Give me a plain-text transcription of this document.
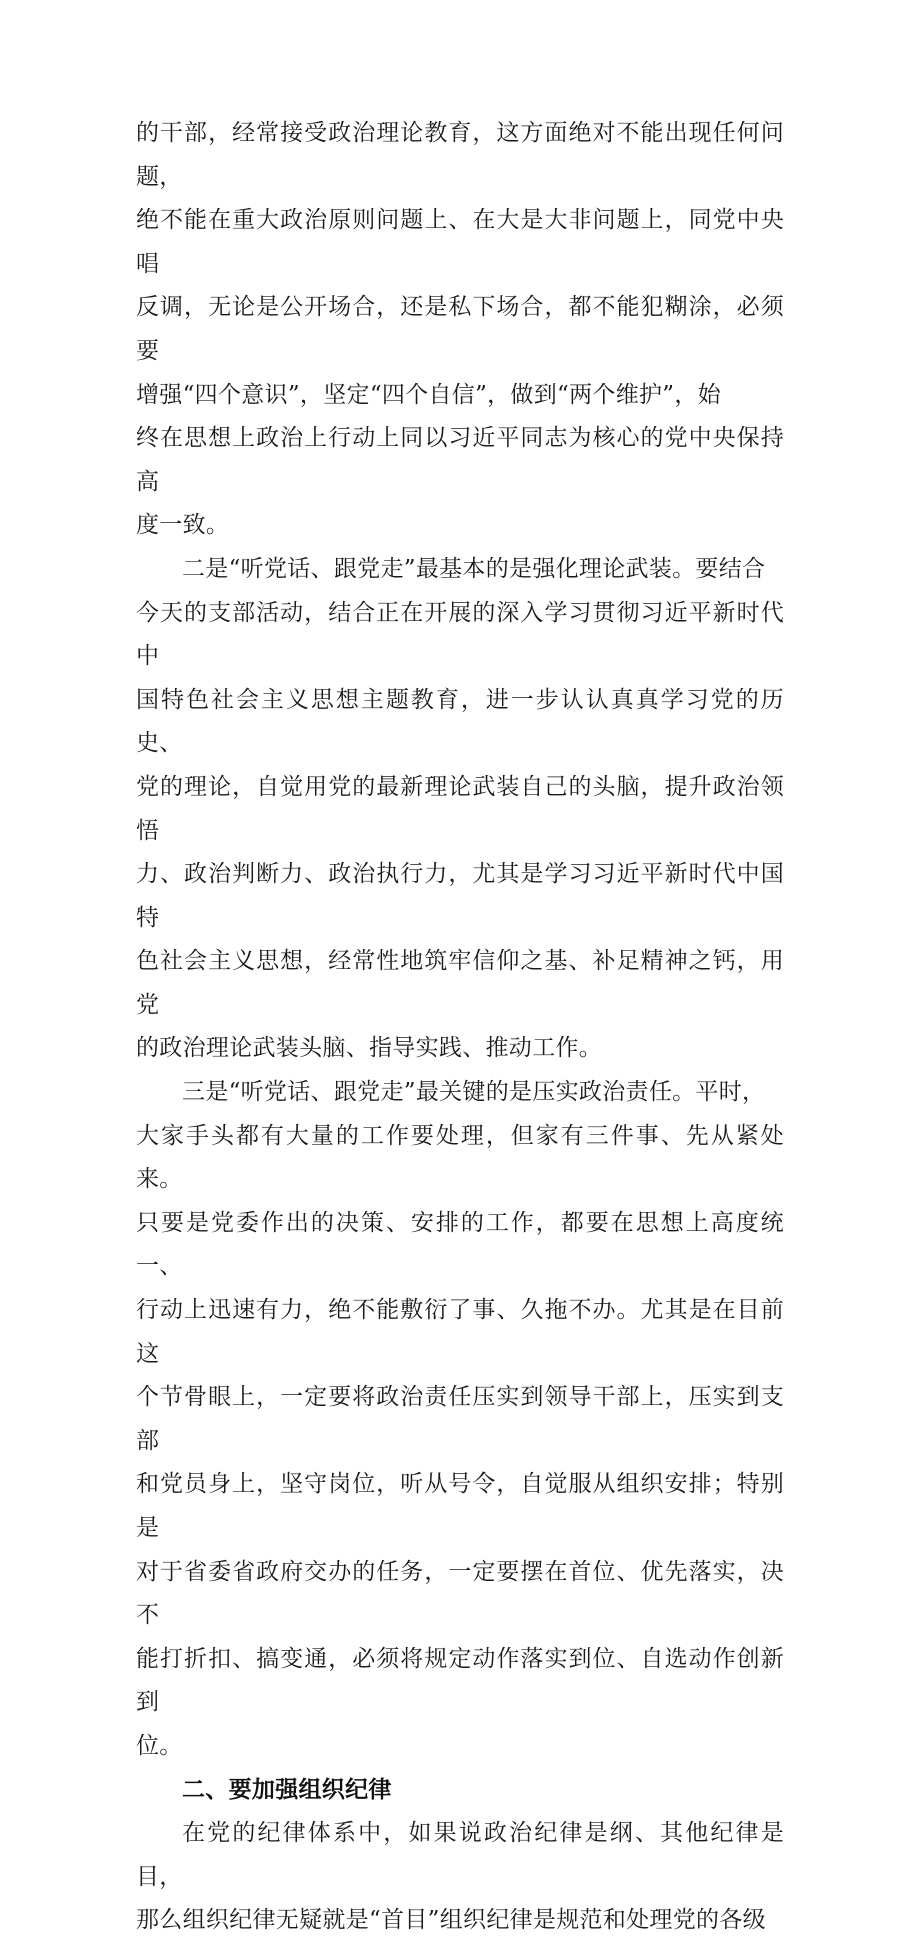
的干部，经常接受政治理论教育，这方面绝对不能出现任何问题，
绝不能在重大政治原则问题上、在大是大非问题上，同党中央唱
反调，无论是公开场合，还是私下场合，都不能犯糊涂，必须要
增强“四个意识”，坚定“四个自信”，做到“两个维护”，始
终在思想上政治上行动上同以习近平同志为核心的党中央保持高
度一致。

二是“听党话、跟党走”最基本的是强化理论武装。要结合
今天的支部活动，结合正在开展的深入学习贯彻习近平新时代中
国特色社会主义思想主题教育，进一步认认真真学习党的历史、
党的理论，自觉用党的最新理论武装自己的头脑，提升政治领悟
力、政治判断力、政治执行力，尤其是学习习近平新时代中国特
色社会主义思想，经常性地筑牢信仰之基、补足精神之钙，用党
的政治理论武装头脑、指导实践、推动工作。

三是“听党话、跟党走”最关键的是压实政治责任。平时，
大家手头都有大量的工作要处理，但家有三件事、先从紧处来。
只要是党委作出的决策、安排的工作，都要在思想上高度统一、
行动上迅速有力，绝不能敷衍了事、久拖不办。尤其是在目前这
个节骨眼上，一定要将政治责任压实到领导干部上，压实到支部
和党员身上，坚守岗位，听从号令，自觉服从组织安排；特别是
对于省委省政府交办的任务，一定要摆在首位、优先落实，决不
能打折扣、搞变通，必须将规定动作落实到位、自选动作创新到
位。

二、要加强组织纪律

在党的纪律体系中，如果说政治纪律是纲、其他纪律是目，
那么组织纪律无疑就是“首目”组织纪律是规范和处理党的各级
